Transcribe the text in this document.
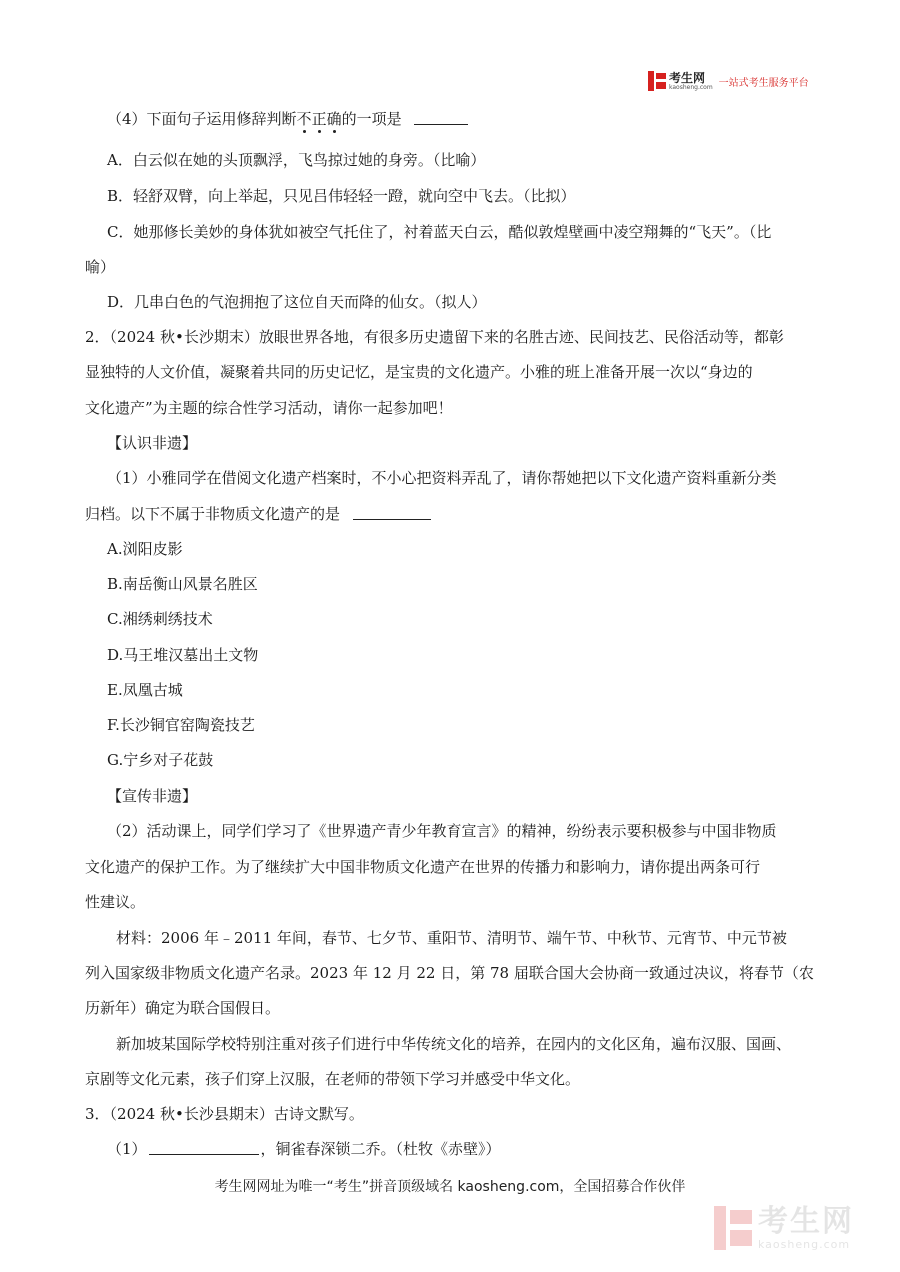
考生网
kaosheng.com 一站式考生服务平台
（4）下面句子运用修辞判断不正确的一项是
A．白云似在她的头顶飘浮，飞鸟掠过她的身旁。（比喻）
B．轻舒双臂，向上举起，只见吕伟轻轻一蹬，就向空中飞去。（比拟）
C．她那修长美妙的身体犹如被空气托住了，衬着蓝天白云，酷似敦煌壁画中凌空翔舞的“飞天”。（比
喻）
D．几串白色的气泡拥抱了这位自天而降的仙女。（拟人）
2．（2024 秋•长沙期末）放眼世界各地，有很多历史遗留下来的名胜古迹、民间技艺、民俗活动等，都彰
显独特的人文价值，凝聚着共同的历史记忆，是宝贵的文化遗产。小雅的班上准备开展一次以“身边的
文化遗产”为主题的综合性学习活动，请你一起参加吧！
【认识非遗】
（1）小雅同学在借阅文化遗产档案时，不小心把资料弄乱了，请你帮她把以下文化遗产资料重新分类
归档。以下不属于非物质文化遗产的是
A.浏阳皮影
B.南岳衡山风景名胜区
C.湘绣刺绣技术
D.马王堆汉墓出土文物
E.凤凰古城
F.长沙铜官窑陶瓷技艺
G.宁乡对子花鼓
【宣传非遗】
（2）活动课上，同学们学习了《世界遗产青少年教育宣言》的精神，纷纷表示要积极参与中国非物质
文化遗产的保护工作。为了继续扩大中国非物质文化遗产在世界的传播力和影响力，请你提出两条可行
性建议。
材料：2006 年﹣2011 年间，春节、七夕节、重阳节、清明节、端午节、中秋节、元宵节、中元节被
列入国家级非物质文化遗产名录。2023 年 12 月 22 日，第 78 届联合国大会协商一致通过决议，将春节（农
历新年）确定为联合国假日。
新加坡某国际学校特别注重对孩子们进行中华传统文化的培养，在园内的文化区角，遍布汉服、国画、
京剧等文化元素，孩子们穿上汉服，在老师的带领下学习并感受中华文化。
3．（2024 秋•长沙县期末）古诗文默写。
（1）	，铜雀春深锁二乔。（杜牧《赤壁》）
考生网网址为唯一“考生”拼音顶级域名 kaosheng.com，全国招募合作伙伴
考生网
kaosheng.com
